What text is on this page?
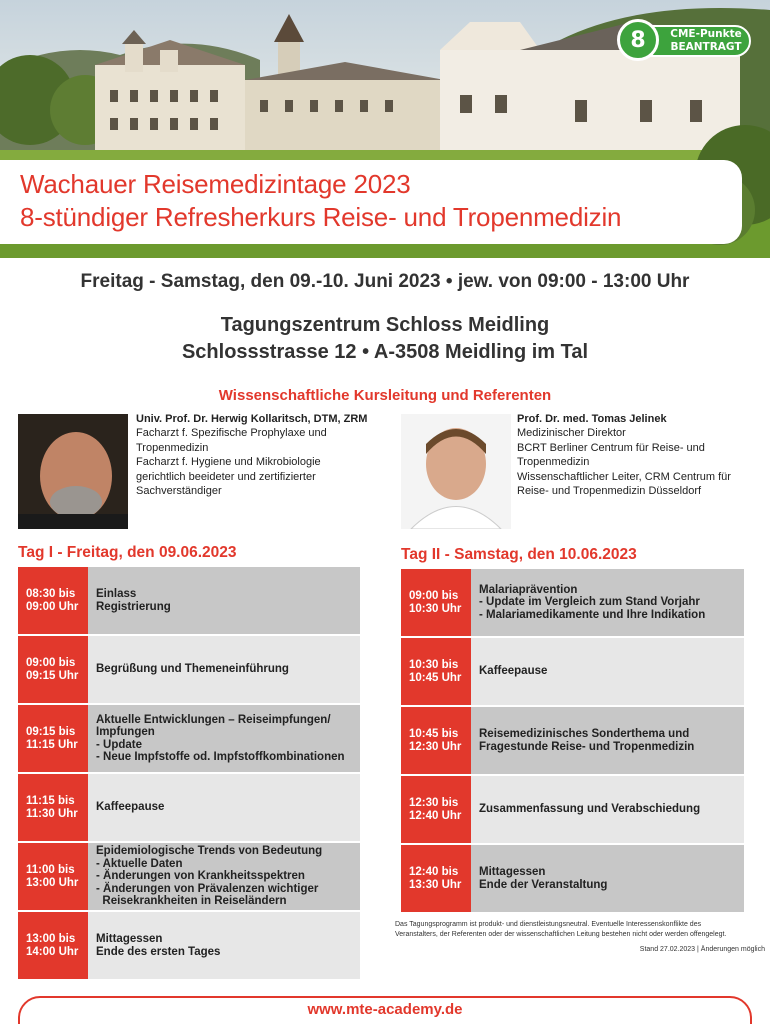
8	CME-Punkte
BEANTRAGT
Wachauer Reisemedizintage 2023
8-stündiger Refresherkurs Reise- und Tropenmedizin
Freitag - Samstag, den 09.-10. Juni 2023 • jew. von 09:00 - 13:00 Uhr
Tagungszentrum Schloss Meidling
Schlossstrasse 12 • A-3508 Meidling im Tal
Wissenschaftliche Kursleitung und Referenten
Univ. Prof. Dr. Herwig Kollaritsch, DTM, ZRM
Facharzt f. Spezifische Prophylaxe und
Tropenmedizin
Facharzt f. Hygiene und Mikrobiologie
gerichtlich beeideter und zertifizierter
Sachverständiger
Prof. Dr. med. Tomas Jelinek
Medizinischer Direktor
BCRT Berliner Centrum für Reise- und
Tropenmedizin
Wissenschaftlicher Leiter, CRM Centrum für
Reise- und Tropenmedizin Düsseldorf
Tag I - Freitag, den 09.06.2023
08:30 bis
09:00 Uhr
Einlass
Registrierung
09:00 bis
09:15 Uhr
Begrüßung und Themeneinführung
09:15 bis
11:15 Uhr
Aktuelle Entwicklungen – Reiseimpfungen/
Impfungen
- Update
- Neue Impfstoffe od. Impfstoffkombinationen
11:15 bis
11:30 Uhr
Kaffeepause
11:00 bis
13:00 Uhr
Epidemiologische Trends von Bedeutung
- Aktuelle Daten
- Änderungen von Krankheitsspektren
- Änderungen von Prävalenzen wichtiger
Reisekrankheiten in Reiseländern
13:00 bis
14:00 Uhr
Mittagessen
Ende des ersten Tages
Tag II - Samstag, den 10.06.2023
09:00 bis
10:30 Uhr
Malariaprävention
- Update im Vergleich zum Stand Vorjahr
- Malariamedikamente und Ihre Indikation
10:30 bis
10:45 Uhr
Kaffeepause
10:45 bis
12:30 Uhr
Reisemedizinisches Sonderthema und
Fragestunde Reise- und Tropenmedizin
12:30 bis
12:40 Uhr
Zusammenfassung und Verabschiedung
12:40 bis
13:30 Uhr
Mittagessen
Ende der Veranstaltung
Das Tagungsprogramm ist produkt- und dienstleistungsneutral. Eventuelle Interessenskonflikte des Veranstalters, der Referenten oder der wissenschaftlichen Leitung bestehen nicht oder werden offengelegt.
Stand 27.02.2023 | Änderungen möglich
www.mte-academy.de
